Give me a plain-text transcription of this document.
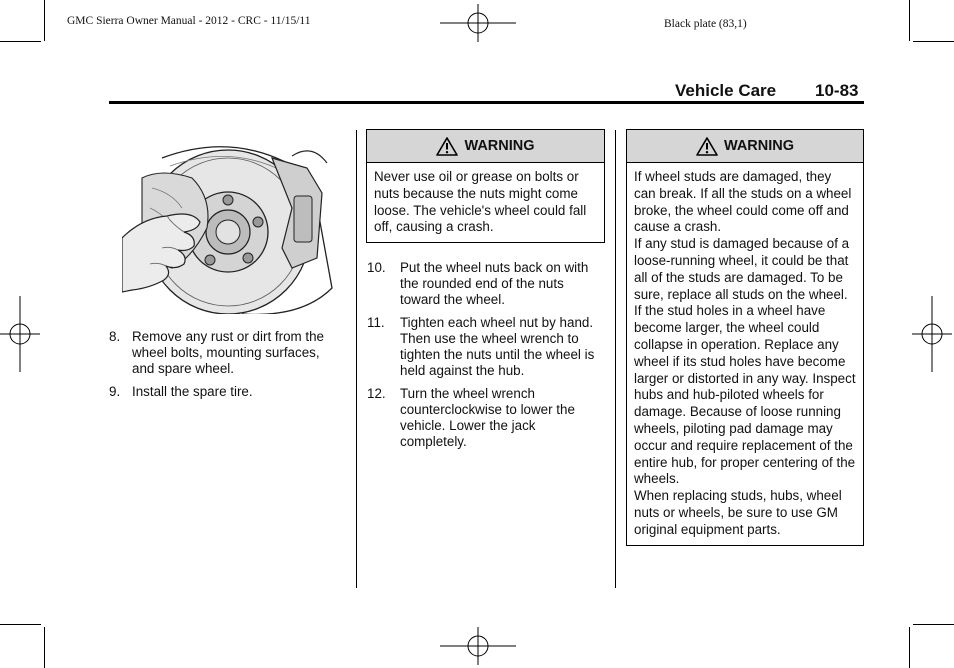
GMC Sierra Owner Manual - 2012 - CRC - 11/15/11	Black plate (83,1)
Vehicle Care 10-83
8. Remove any rust or dirt from the wheel bolts, mounting surfaces, and spare wheel.
9. Install the spare tire.
WARNING

Never use oil or grease on bolts or nuts because the nuts might come loose. The vehicle's wheel could fall off, causing a crash.

10. Put the wheel nuts back on with the rounded end of the nuts toward the wheel.
11. Tighten each wheel nut by hand. Then use the wheel wrench to tighten the nuts until the wheel is held against the hub.
12. Turn the wheel wrench counterclockwise to lower the vehicle. Lower the jack completely.
WARNING

If wheel studs are damaged, they can break. If all the studs on a wheel broke, the wheel could come off and cause a crash.

If any stud is damaged because of a loose-running wheel, it could be that all of the studs are damaged. To be sure, replace all studs on the wheel. If the stud holes in a wheel have become larger, the wheel could collapse in operation. Replace any wheel if its stud holes have become larger or distorted in any way. Inspect hubs and hub-piloted wheels for damage. Because of loose running wheels, piloting pad damage may occur and require replacement of the entire hub, for proper centering of the wheels.

When replacing studs, hubs, wheel nuts or wheels, be sure to use GM original equipment parts.
